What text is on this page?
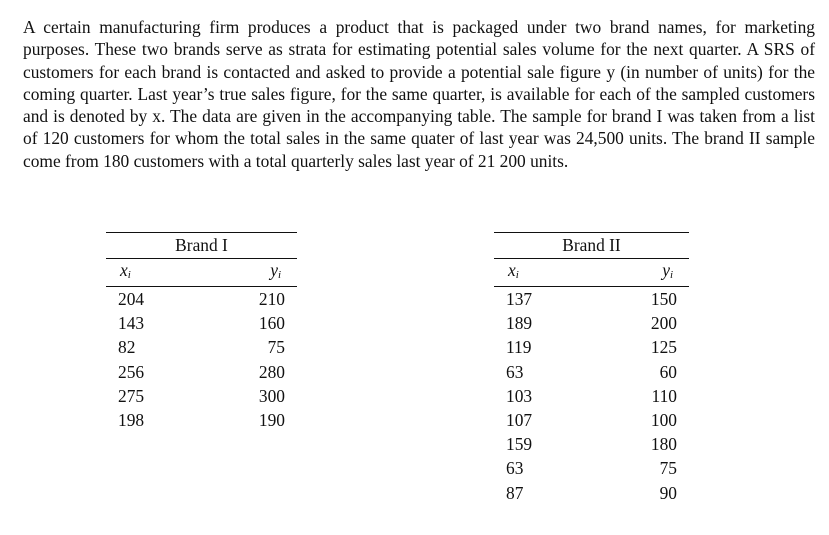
A certain manufacturing firm produces a product that is packaged under two brand names, for marketing purposes. These two brands serve as strata for estimating potential sales volume for the next quarter. A SRS of customers for each brand is contacted and asked to provide a potential sale figure y (in number of units) for the coming quarter. Last year’s true sales figure, for the same quarter, is available for each of the sampled customers and is denoted by x. The data are given in the accompanying table. The sample for brand I was taken from a list of 120 customers for whom the total sales in the same quater of last year was 24,500 units. The brand II sample come from 180 customers with a total quarterly sales last year of 21 200 units.

Brand I
xi	yi
204	210
143	160
82	75
256	280
275	300
198	190
Brand II
xi	yi
137	150
189	200
119	125
63	60
103	110
107	100
159	180
63	75
87	90
